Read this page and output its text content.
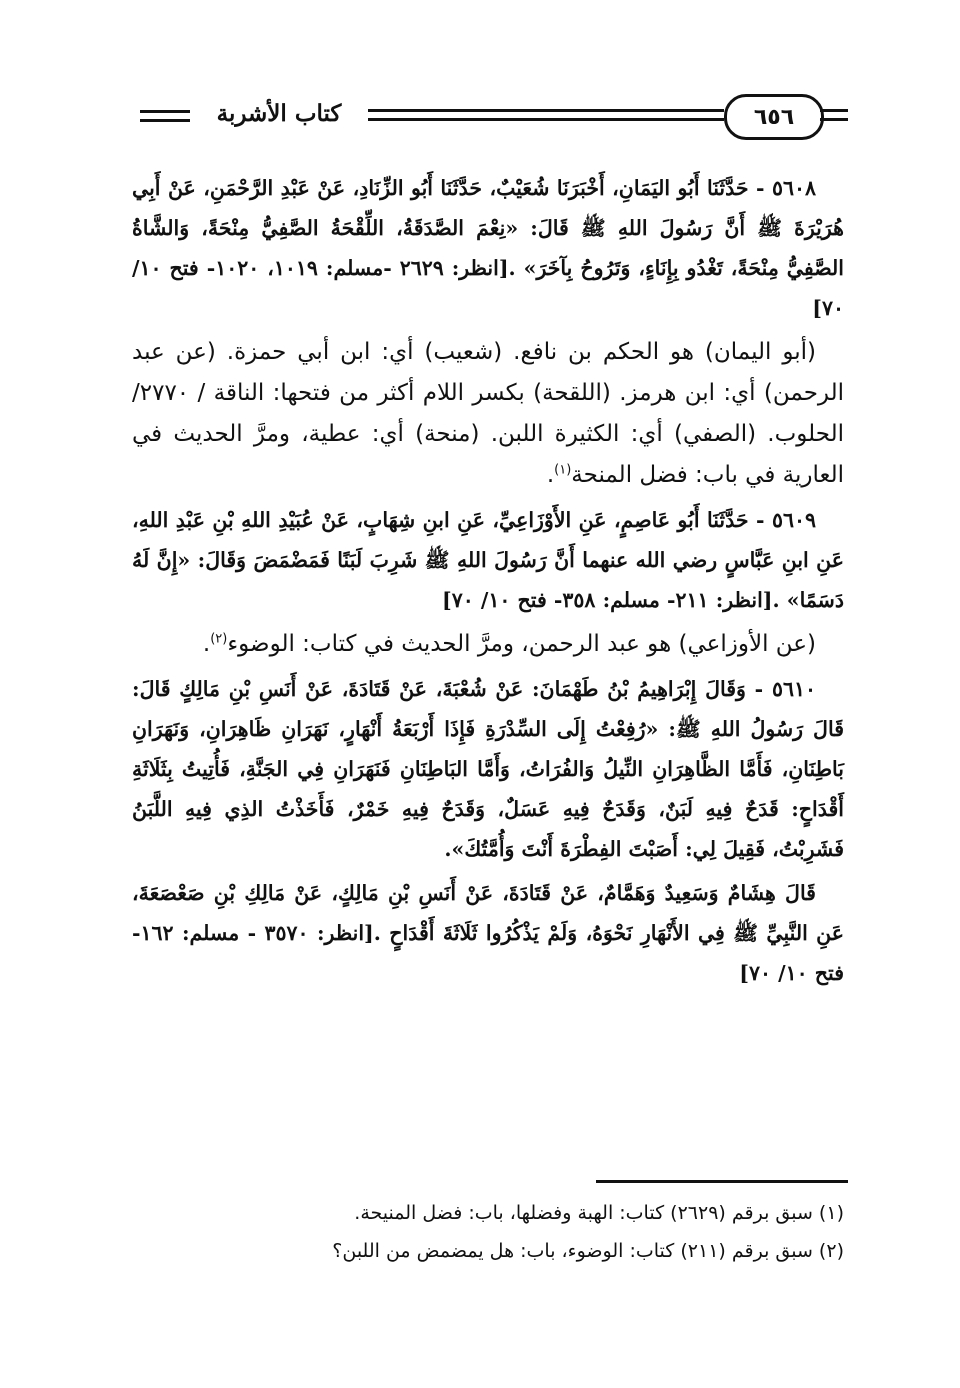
كتاب الأشربة	٦٥٦

٥٦٠٨ - حَدَّثَنَا أَبُو اليَمَانِ، أَخْبَرَنَا شُعَيْبٌ، حَدَّثَنَا أَبُو الزِّنَادِ، عَنْ عَبْدِ الرَّحْمَنِ، عَنْ أَبِي هُرَيْرَةَ ﷺ أَنَّ رَسُولَ اللهِ ﷺ قَالَ: «نِعْمَ الصَّدَقَةُ، اللِّقْحَةُ الصَّفِيُّ مِنْحَةً، وَالشَّاةُ الصَّفِيُّ مِنْحَةً، تَغْدُو بِإِنَاءٍ، وَتَرُوحُ بِآخَرَ» .[انظر: ٢٦٢٩ -مسلم: ١٠١٩، ١٠٢٠- فتح ١٠/ ٧٠]

(أبو اليمان) هو الحكم بن نافع. (شعيب) أي: ابن أبي حمزة. (عن عبد الرحمن) أي: ابن هرمز. (اللقحة) بكسر اللام أكثر من فتحها: الناقة / ٢٧٧٠/ الحلوب. (الصفي) أي: الكثيرة اللبن. (منحة) أي: عطية، ومرَّ الحديث في العارية في باب: فضل المنحة$^{(١)}$.

٥٦٠٩ - حَدَّثَنَا أَبُو عَاصِمٍ، عَنِ الأَوْزَاعِيِّ، عَنِ ابنِ شِهَابٍ، عَنْ عُبَيْدِ اللهِ بْنِ عَبْدِ اللهِ، عَنِ ابنِ عَبَّاسٍ رضي الله عنهما أَنَّ رَسُولَ اللهِ ﷺ شَرِبَ لَبَنًا فَمَضْمَضَ وَقَالَ: «إِنَّ لَهُ دَسَمًا» .[انظر: ٢١١- مسلم: ٣٥٨- فتح ١٠/ ٧٠]

(عن الأوزاعي) هو عبد الرحمن، ومرَّ الحديث في كتاب: الوضوء$^{(٢)}$.

٥٦١٠ - وَقَالَ إِبْرَاهِيمُ بْنُ طَهْمَانَ: عَنْ شُعْبَةَ، عَنْ قَتَادَةَ، عَنْ أَنَسِ بْنِ مَالِكٍ قَالَ: قَالَ رَسُولُ اللهِ ﷺ: «رُفِعْتُ إِلَى السِّدْرَةِ فَإِذَا أَرْبَعَةُ أَنْهَارٍ، نَهَرَانِ ظَاهِرَانِ، وَنَهَرَانِ بَاطِنَانِ، فَأَمَّا الظَّاهِرَانِ النِّيلُ وَالفُرَاتُ، وَأَمَّا البَاطِنَانِ فَنَهَرَانِ فِي الجَنَّةِ، فَأُتِيتُ بِثَلَاثَةِ أَقْدَاحٍ: قَدَحٌ فِيهِ لَبَنٌ، وَقَدَحٌ فِيهِ عَسَلٌ، وَقَدَحٌ فِيهِ خَمْرٌ، فَأَخَذْتُ الذِي فِيهِ اللَّبَنُ فَشَرِبْتُ، فَقِيلَ لِي: أَصَبْتَ الفِطْرَةَ أَنْتَ وَأُمَّتُكَ».

قَالَ هِشَامٌ وَسَعِيدٌ وَهَمَّامٌ، عَنْ قَتَادَةَ، عَنْ أَنَسِ بْنِ مَالِكٍ، عَنْ مَالِكِ بْنِ صَعْصَعَةَ، عَنِ النَّبِيِّ ﷺ فِي الأَنْهَارِ نَحْوَهُ، وَلَمْ يَذْكُرُوا ثَلَاثَةَ أَقْدَاحٍ .[انظر: ٣٥٧٠ - مسلم: ١٦٢- فتح ١٠/ ٧٠]

(١) سبق برقم (٢٦٢٩) كتاب: الهبة وفضلها، باب: فضل المنيحة.

(٢) سبق برقم (٢١١) كتاب: الوضوء، باب: هل يمضمض من اللبن؟
